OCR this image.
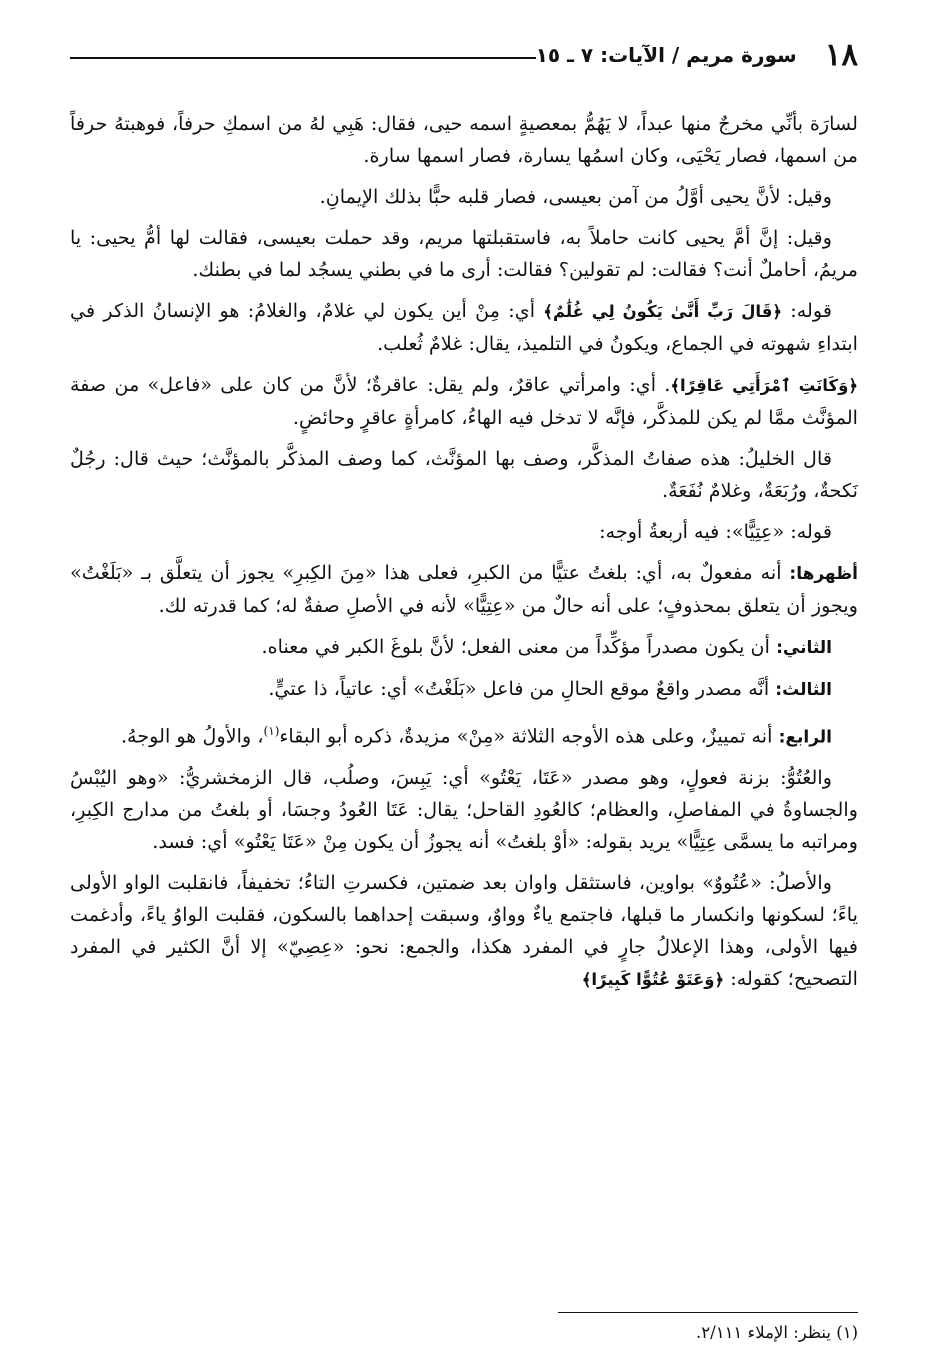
١٨
سورة مريم / الآيات: ٧ ـ ١٥

لسارَة بأنِّي مخرجٌ منها عبداً، لا يَهُمُّ بمعصيةٍ اسمه حيى، فقال: هَبِي لهُ من اسمكِ حرفاً، فوهبتهُ حرفاً من اسمها، فصار يَحْيَى، وكان اسمُها يسارة، فصار اسمها سارة.

وقيل: لأنَّ يحيى أوَّلُ من آمن بعيسى، فصار قلبه حبًّا بذلك الإيمانِ.

وقيل: إنَّ أمَّ يحيى كانت حاملاً به، فاستقبلتها مريم، وقد حملت بعيسى، فقالت لها أمُّ يحيى: يا مريمُ، أحاملٌ أنت؟ فقالت: لم تقولين؟ فقالت: أرى ما في بطني يسجُد لما في بطنك.

قوله: ﴿قَالَ رَبِّ أَنَّىٰ يَكُونُ لِي غُلَٰمٌ﴾ أي: مِنْ أين يكون لي غلامٌ، والغلامُ: هو الإنسانُ الذكر في ابتداءِ شهوته في الجماع، ويكونُ في التلميذ، يقال: غلامٌ ثُعلب.

﴿وَكَانَتِ ٱمْرَأَتِي عَاقِرًا﴾. أي: وامرأتي عاقرٌ، ولم يقل: عاقرةٌ؛ لأنَّ من كان على «فاعل» من صفة المؤنَّث ممَّا لم يكن للمذكَّر، فإنَّه لا تدخل فيه الهاءُ، كامرأةٍ عاقرٍ وحائضٍ.

قال الخليلُ: هذه صفاتُ المذكَّر، وصف بها المؤنَّث، كما وصف المذكَّر بالمؤنَّث؛ حيث قال: رجُلٌ نَكحةٌ، ورُبَعَةٌ، وغلامٌ نُفَعَةٌ.

قوله: «عِتِيًّا»: فيه أربعةُ أوجه:

أظهرها: أنه مفعولٌ به، أي: بلغتُ عتيًّا من الكبرِ، فعلى هذا «مِنَ الكِبرِ» يجوز أن يتعلَّق بـ «بَلَغْتُ» ويجوز أن يتعلق بمحذوفٍ؛ على أنه حالٌ من «عِتِيًّا» لأنه في الأصلِ صفةٌ له؛ كما قدرته لك.

الثاني: أن يكون مصدراً مؤكِّداً من معنى الفعل؛ لأنَّ بلوغَ الكبر في معناه.

الثالث: أنَّه مصدر واقعٌ موقع الحالِ من فاعل «بَلَغْتُ» أي: عاتياً، ذا عتيٍّ.

الرابع: أنه تمييزٌ، وعلى هذه الأوجه الثلاثة «مِنْ» مزيدةٌ، ذكره أبو البقاء$^{(١)}$، والأولُ هو الوجهُ.

والعُتُوُّ: بزنة فعولٍ، وهو مصدر «عَتَا، يَعْتُو» أي: يَبِسَ، وصلُب، قال الزمخشريُّ: «وهو اليُبْسُ والجساوةُ في المفاصلِ، والعظام؛ كالعُودِ القاحل؛ يقال: عَتَا العُودُ وجسَا، أو بلغتُ من مدارج الكِبرِ، ومراتبه ما يسمَّى عِتِيًّا» يريد بقوله: «أوْ بلغتُ» أنه يجوزُ أن يكون مِنْ «عَتَا يَعْتُو» أي: فسد.

والأصلُ: «عُتُووٌ» بواوين، فاستثقل واوان بعد ضمتين، فكسرتِ التاءُ؛ تخفيفاً، فانقلبت الواو الأولى ياءً؛ لسكونها وانكسار ما قبلها، فاجتمع ياءٌ وواوٌ، وسبقت إحداهما بالسكون، فقلبت الواوُ ياءً، وأدغمت فيها الأولى، وهذا الإعلالُ جارٍ في المفرد هكذا، والجمع: نحو: «عِصِيّ» إلا أنَّ الكثير في المفرد التصحيح؛ كقوله: ﴿وَعَتَوْ عُتُوًّا كَبِيرًا﴾

(١) ينظر: الإملاء ٢/١١١.
